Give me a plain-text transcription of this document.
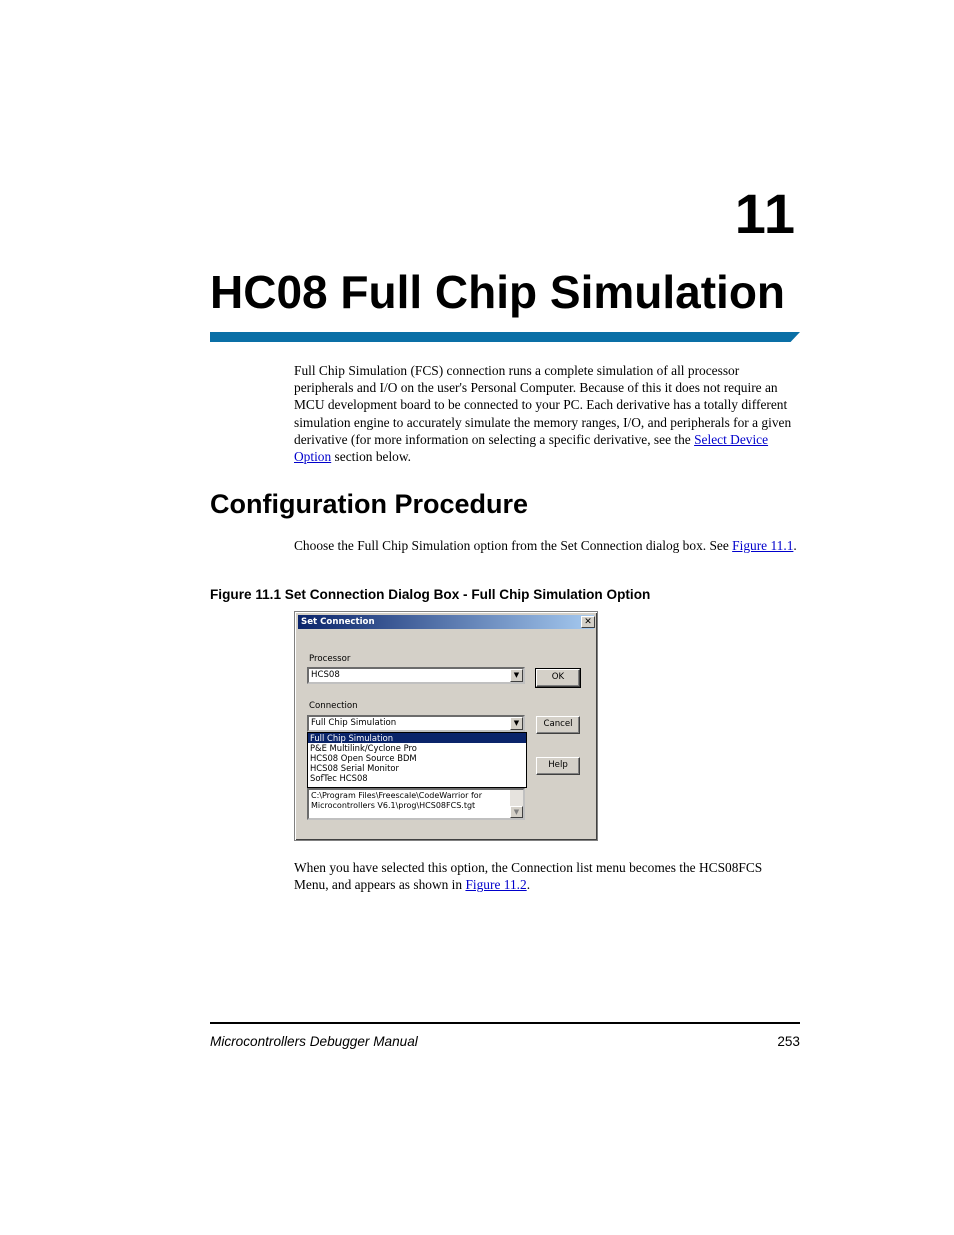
11
HC08 Full Chip Simulation

Full Chip Simulation (FCS) connection runs a complete simulation of all processor peripherals and I/O on the user's Personal Computer. Because of this it does not require an MCU development board to be connected to your PC. Each derivative has a totally different simulation engine to accurately simulate the memory ranges, I/O, and peripherals for a given derivative (for more information on selecting a specific derivative, see the Select Device Option section below.

Configuration Procedure

Choose the Full Chip Simulation option from the Set Connection dialog box. See Figure 11.1.

Figure 11.1 Set Connection Dialog Box - Full Chip Simulation Option
Set Connection	✕
Processor
HCS08	▼
Connection
Full Chip Simulation	▼
Full Chip Simulation
P&E Multilink/Cyclone Pro
HCS08 Open Source BDM
HCS08 Serial Monitor
SofTec HCS08
C:\Program Files\Freescale\CodeWarrior for Microcontrollers V6.1\prog\HCS08FCS.tgt
▼
OK
Cancel
Help

When you have selected this option, the Connection list menu becomes the HCS08FCS Menu, and appears as shown in Figure 11.2.

Microcontrollers Debugger Manual	253
